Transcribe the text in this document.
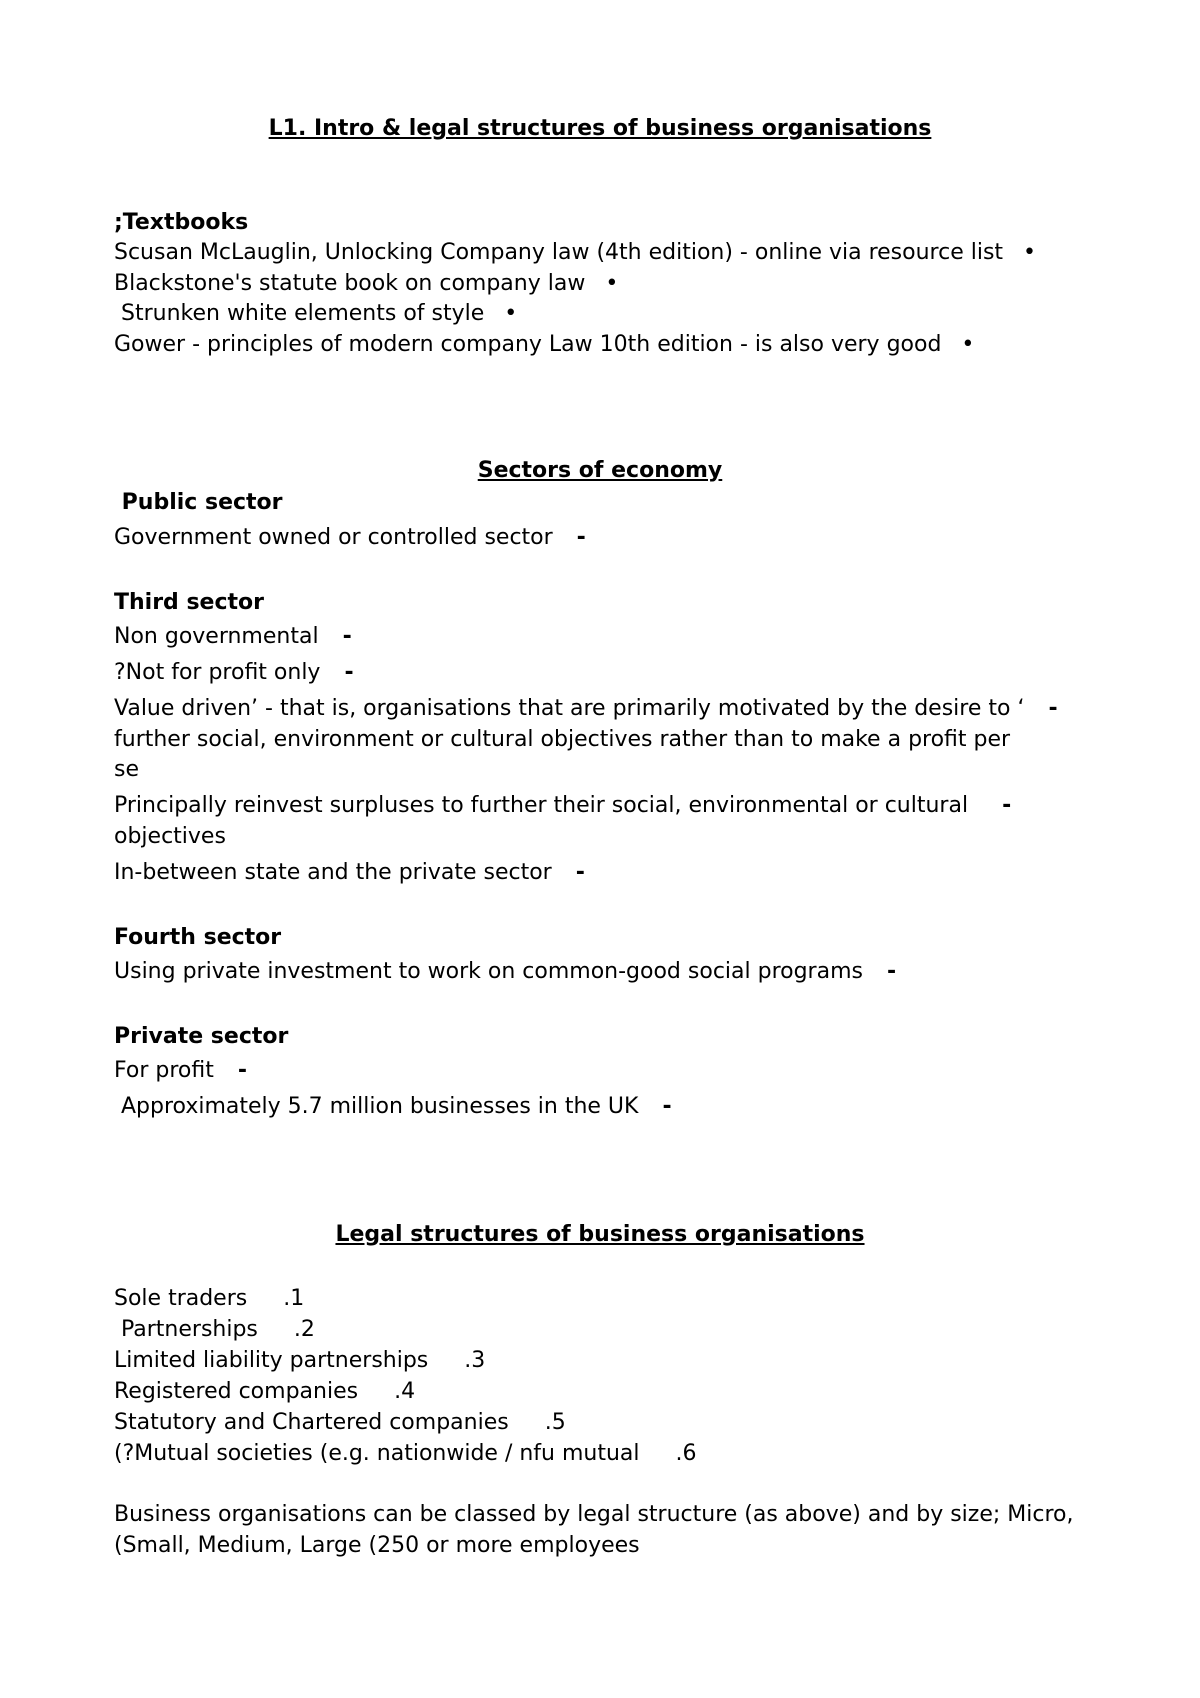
L1. Intro & legal structures of business organisations
;Textbooks
Scusan McLauglin, Unlocking Company law (4th edition) - online via resource list •
Blackstone's statute book on company law •
Strunken white elements of style •
Gower - principles of modern company Law 10th edition - is also very good •
Sectors of economy
Public sector
Government owned or controlled sector -
Third sector
Non governmental -
?Not for profit only -
Value driven’ - that is, organisations that are primarily motivated by the desire to ‘ -
further social, environment or cultural objectives rather than to make a profit per
se
Principally reinvest surpluses to further their social, environmental or cultural -
objectives
In-between state and the private sector -
Fourth sector
Using private investment to work on common-good social programs -
Private sector
For profit -
Approximately 5.7 million businesses in the UK -
Legal structures of business organisations
Sole traders .1
Partnerships .2
Limited liability partnerships .3
Registered companies .4
Statutory and Chartered companies .5
(?Mutual societies (e.g. nationwide / nfu mutual .6
Business organisations can be classed by legal structure (as above) and by size; Micro,
(Small, Medium, Large (250 or more employees
